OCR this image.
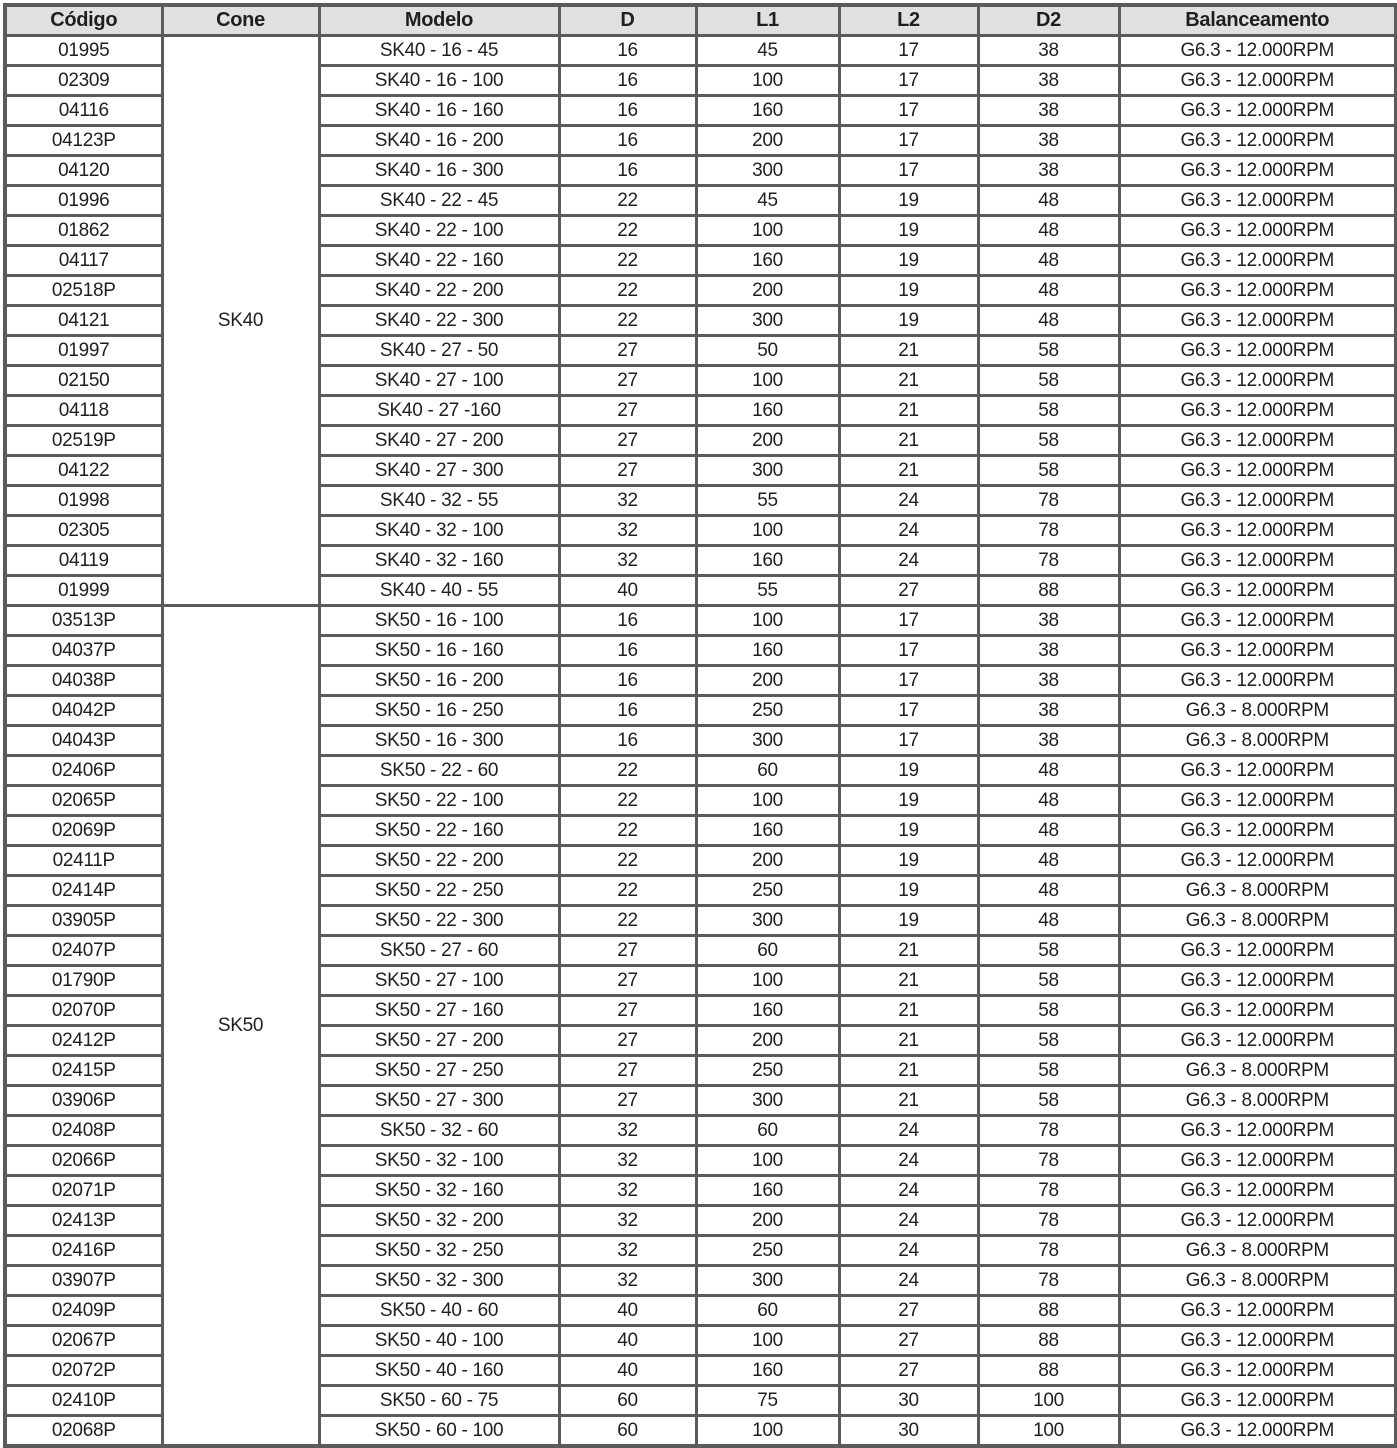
Código	Cone	Modelo	D	L1	L2	D2	Balanceamento
01995	SK40	SK40 - 16 - 45	16	45	17	38	G6.3 - 12.000RPM
02309		SK40 - 16 - 100	16	100	17	38	G6.3 - 12.000RPM
04116		SK40 - 16 - 160	16	160	17	38	G6.3 - 12.000RPM
04123P		SK40 - 16 - 200	16	200	17	38	G6.3 - 12.000RPM
04120		SK40 - 16 - 300	16	300	17	38	G6.3 - 12.000RPM
01996		SK40 - 22 - 45	22	45	19	48	G6.3 - 12.000RPM
01862		SK40 - 22 - 100	22	100	19	48	G6.3 - 12.000RPM
04117		SK40 - 22 - 160	22	160	19	48	G6.3 - 12.000RPM
02518P		SK40 - 22 - 200	22	200	19	48	G6.3 - 12.000RPM
04121		SK40 - 22 - 300	22	300	19	48	G6.3 - 12.000RPM
01997		SK40 - 27 - 50	27	50	21	58	G6.3 - 12.000RPM
02150		SK40 - 27 - 100	27	100	21	58	G6.3 - 12.000RPM
04118		SK40 - 27 -160	27	160	21	58	G6.3 - 12.000RPM
02519P		SK40 - 27 - 200	27	200	21	58	G6.3 - 12.000RPM
04122		SK40 - 27 - 300	27	300	21	58	G6.3 - 12.000RPM
01998		SK40 - 32 - 55	32	55	24	78	G6.3 - 12.000RPM
02305		SK40 - 32 - 100	32	100	24	78	G6.3 - 12.000RPM
04119		SK40 - 32 - 160	32	160	24	78	G6.3 - 12.000RPM
01999		SK40 - 40 - 55	40	55	27	88	G6.3 - 12.000RPM
03513P	SK50	SK50 - 16 - 100	16	100	17	38	G6.3 - 12.000RPM
04037P		SK50 - 16 - 160	16	160	17	38	G6.3 - 12.000RPM
04038P		SK50 - 16 - 200	16	200	17	38	G6.3 - 12.000RPM
04042P		SK50 - 16 - 250	16	250	17	38	G6.3 - 8.000RPM
04043P		SK50 - 16 - 300	16	300	17	38	G6.3 - 8.000RPM
02406P		SK50 - 22 - 60	22	60	19	48	G6.3 - 12.000RPM
02065P		SK50 - 22 - 100	22	100	19	48	G6.3 - 12.000RPM
02069P		SK50 - 22 - 160	22	160	19	48	G6.3 - 12.000RPM
02411P		SK50 - 22 - 200	22	200	19	48	G6.3 - 12.000RPM
02414P		SK50 - 22 - 250	22	250	19	48	G6.3 - 8.000RPM
03905P		SK50 - 22 - 300	22	300	19	48	G6.3 - 8.000RPM
02407P		SK50 - 27 - 60	27	60	21	58	G6.3 - 12.000RPM
01790P		SK50 - 27 - 100	27	100	21	58	G6.3 - 12.000RPM
02070P		SK50 - 27 - 160	27	160	21	58	G6.3 - 12.000RPM
02412P		SK50 - 27 - 200	27	200	21	58	G6.3 - 12.000RPM
02415P		SK50 - 27 - 250	27	250	21	58	G6.3 - 8.000RPM
03906P		SK50 - 27 - 300	27	300	21	58	G6.3 - 8.000RPM
02408P		SK50 - 32 - 60	32	60	24	78	G6.3 - 12.000RPM
02066P		SK50 - 32 - 100	32	100	24	78	G6.3 - 12.000RPM
02071P		SK50 - 32 - 160	32	160	24	78	G6.3 - 12.000RPM
02413P		SK50 - 32 - 200	32	200	24	78	G6.3 - 12.000RPM
02416P		SK50 - 32 - 250	32	250	24	78	G6.3 - 8.000RPM
03907P		SK50 - 32 - 300	32	300	24	78	G6.3 - 8.000RPM
02409P		SK50 - 40 - 60	40	60	27	88	G6.3 - 12.000RPM
02067P		SK50 - 40 - 100	40	100	27	88	G6.3 - 12.000RPM
02072P		SK50 - 40 - 160	40	160	27	88	G6.3 - 12.000RPM
02410P		SK50 - 60 - 75	60	75	30	100	G6.3 - 12.000RPM
02068P		SK50 - 60 - 100	60	100	30	100	G6.3 - 12.000RPM
